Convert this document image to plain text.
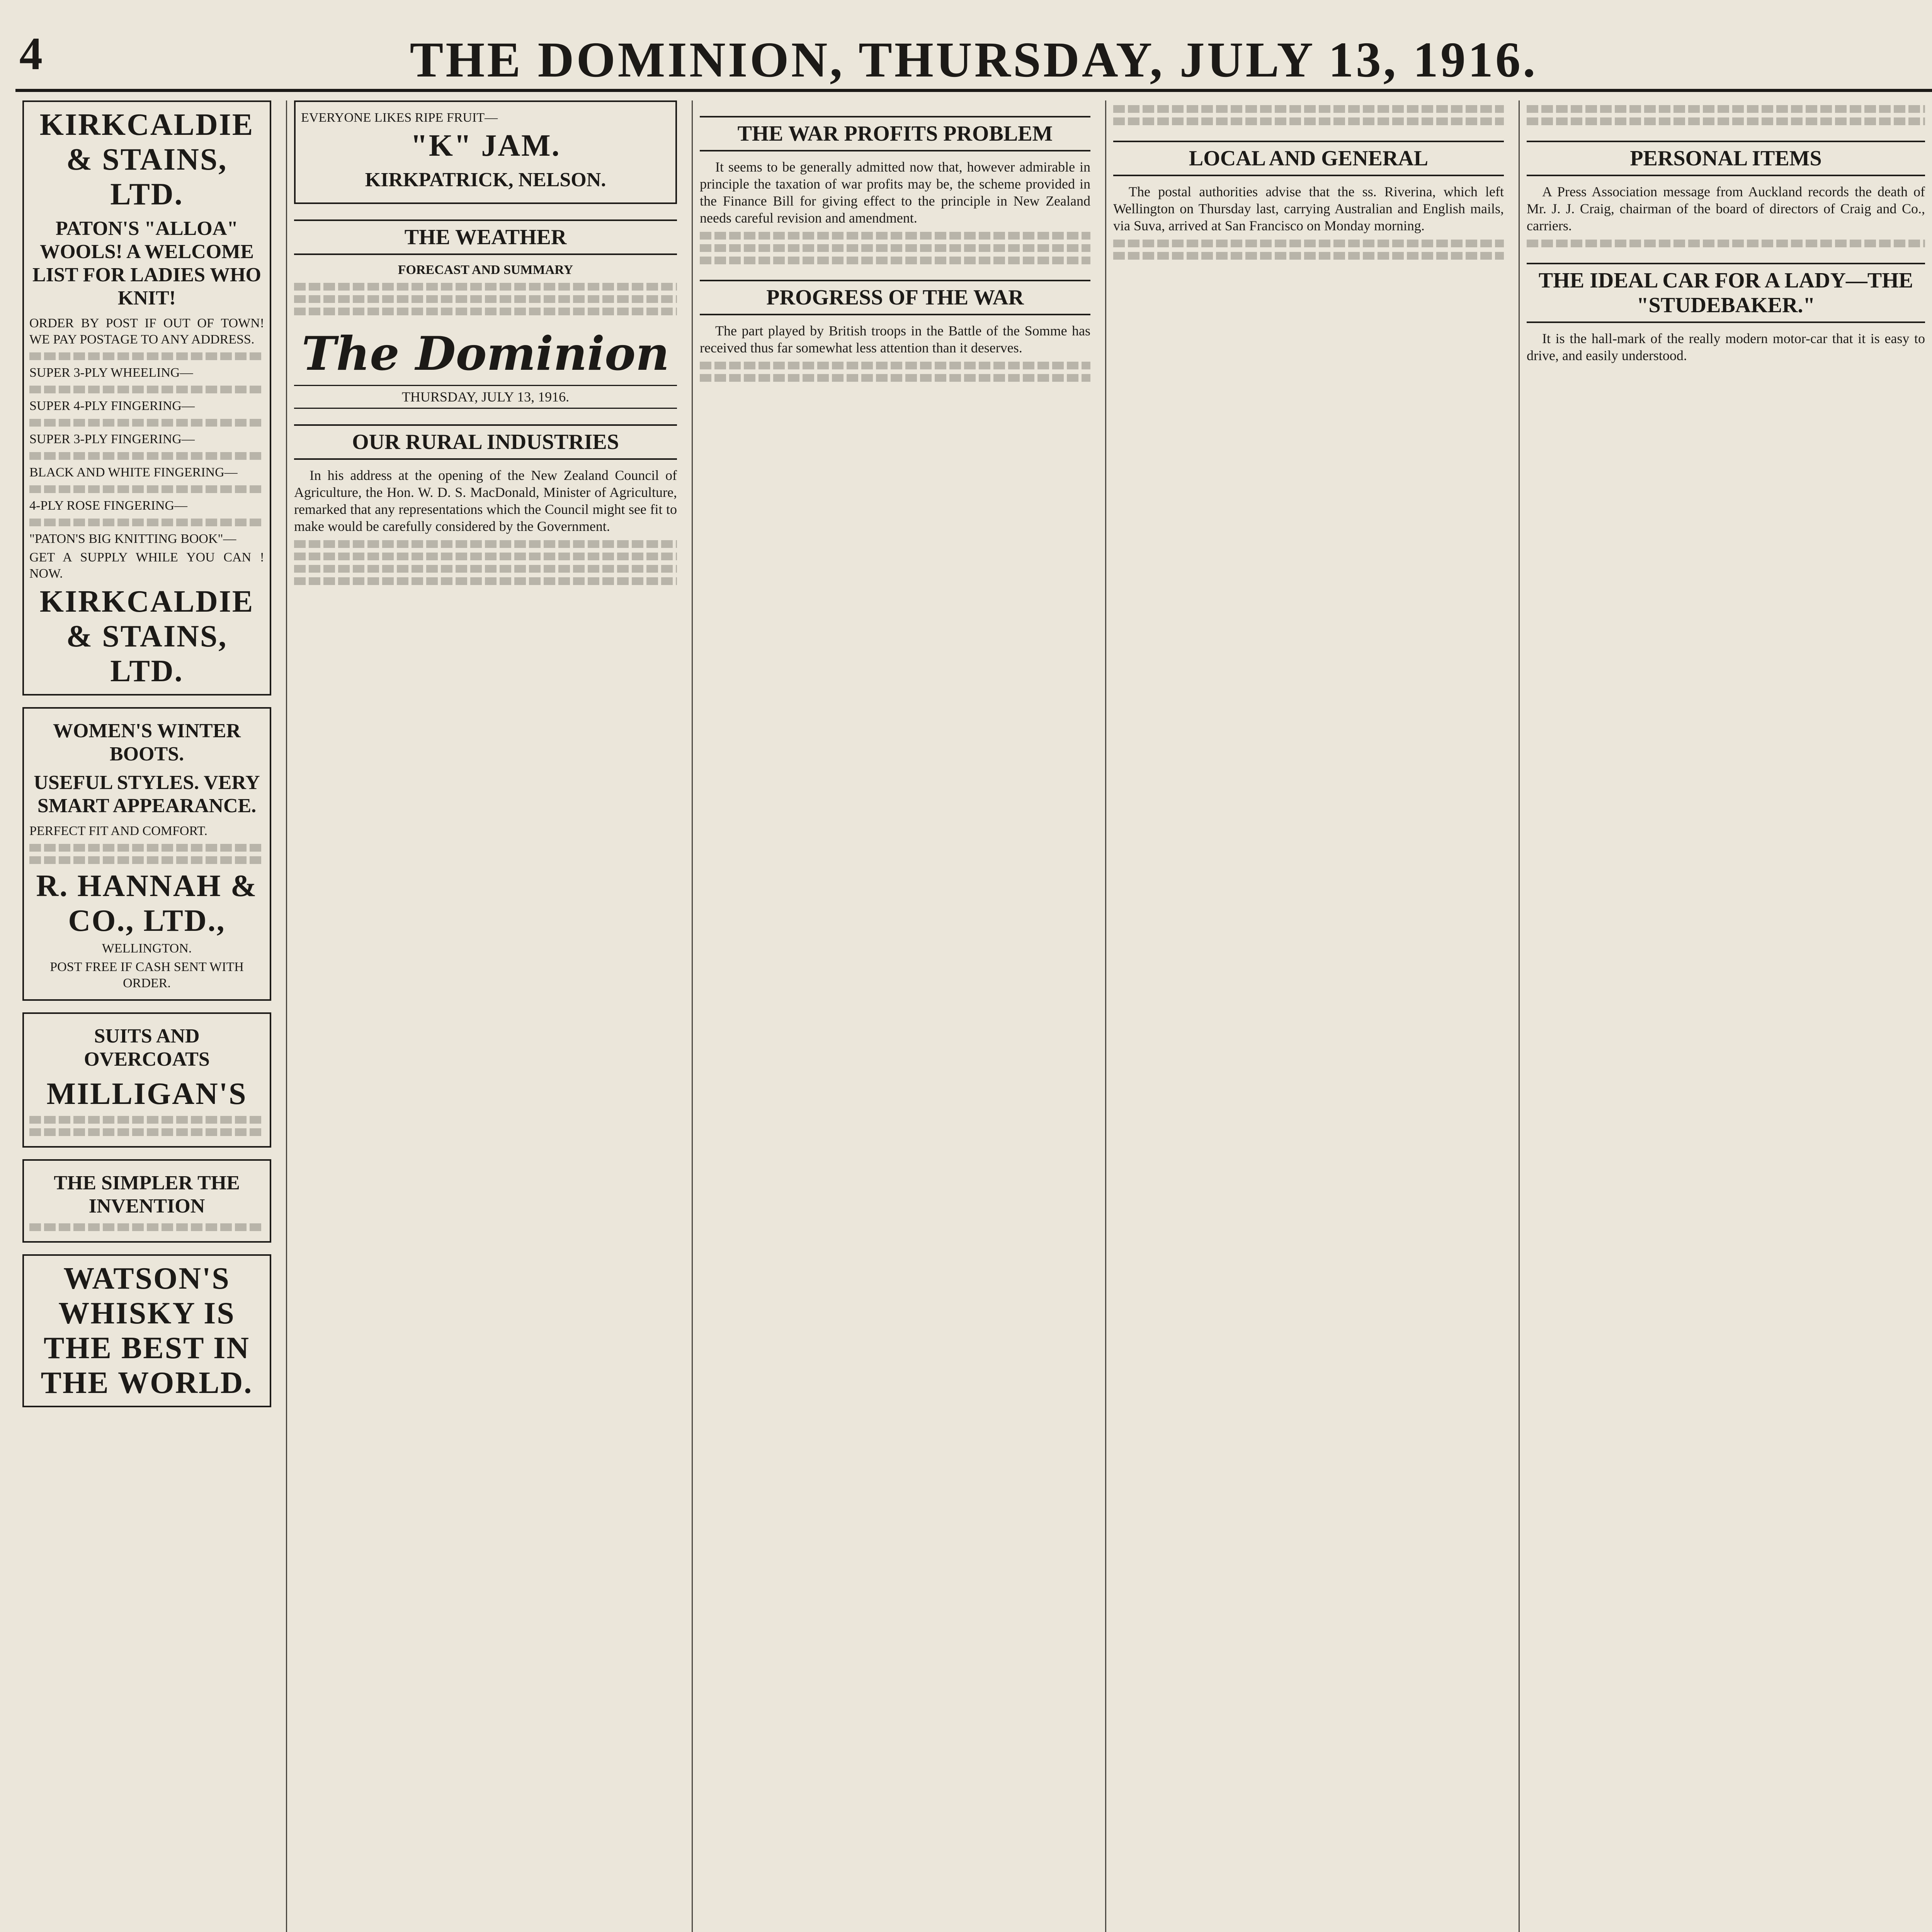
4	THE DOMINION, THURSDAY, JULY 13, 1916.
KIRKCALDIE & STAINS, LTD.
PATON'S "ALLOA" WOOLS! A WELCOME LIST FOR LADIES WHO KNIT!
ORDER BY POST IF OUT OF TOWN! WE PAY POSTAGE TO ANY ADDRESS.
SUPER 3-PLY WHEELING—
SUPER 4-PLY FINGERING—
SUPER 3-PLY FINGERING—
BLACK AND WHITE FINGERING—
4-PLY ROSE FINGERING—
"PATON'S BIG KNITTING BOOK"—
GET A SUPPLY WHILE YOU CAN ! NOW.
KIRKCALDIE & STAINS, LTD.
WOMEN'S WINTER BOOTS.
USEFUL STYLES. VERY SMART APPEARANCE.
PERFECT FIT AND COMFORT.
R. HANNAH & CO., LTD.,
WELLINGTON.
POST FREE IF CASH SENT WITH ORDER.
SUITS AND OVERCOATS
MILLIGAN'S
THE SIMPLER THE INVENTION
WATSON'S WHISKY IS THE BEST IN THE WORLD.
EVERYONE LIKES RIPE FRUIT—
"K" JAM.
KIRKPATRICK, NELSON.
THE WEATHER
FORECAST AND SUMMARY
The Dominion
THURSDAY, JULY 13, 1916.
OUR RURAL INDUSTRIES

In his address at the opening of the New Zealand Council of Agriculture, the Hon. W. D. S. MacDonald, Minister of Agriculture, remarked that any representations which the Council might see fit to make would be carefully considered by the Government.

THE WAR PROFITS PROBLEM

It seems to be generally admitted now that, however admirable in principle the taxation of war profits may be, the scheme provided in the Finance Bill for giving effect to the principle in New Zealand needs careful revision and amendment.

PROGRESS OF THE WAR

The part played by British troops in the Battle of the Somme has received thus far somewhat less attention than it deserves.

LOCAL AND GENERAL

The postal authorities advise that the ss. Riverina, which left Wellington on Thursday last, carrying Australian and English mails, via Suva, arrived at San Francisco on Monday morning.

PERSONAL ITEMS

A Press Association message from Auckland records the death of Mr. J. J. Craig, chairman of the board of directors of Craig and Co., carriers.

THE IDEAL CAR FOR A LADY—THE "STUDEBAKER."

It is the hall-mark of the really modern motor-car that it is easy to drive, and easily understood.
